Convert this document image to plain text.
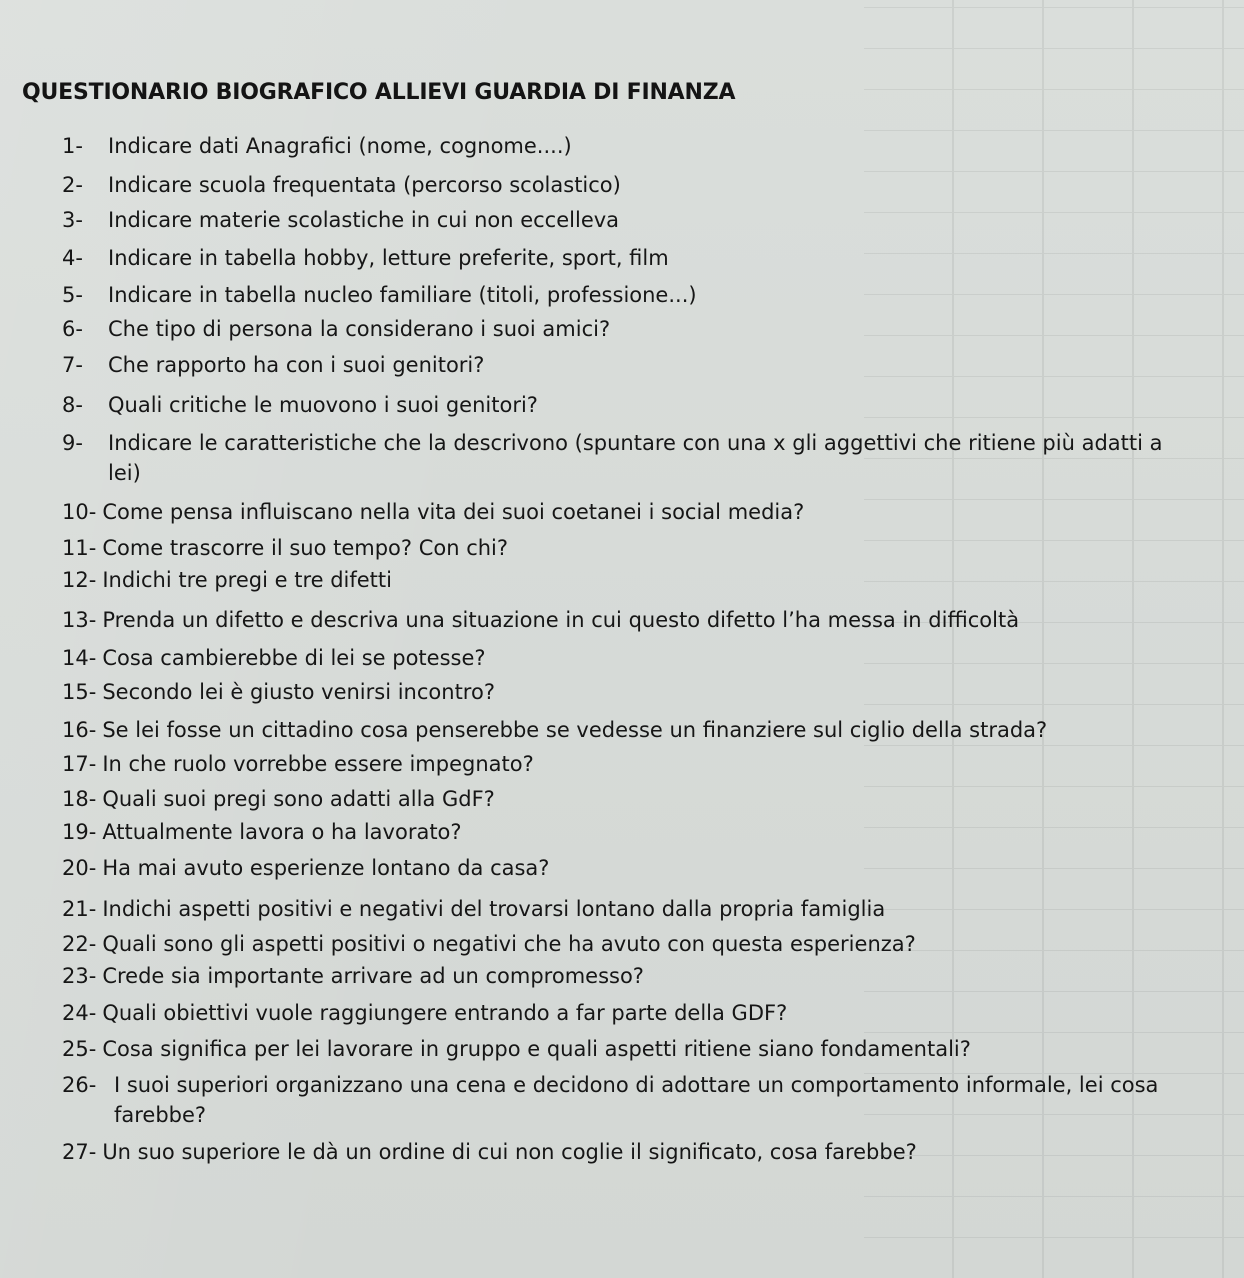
QUESTIONARIO BIOGRAFICO ALLIEVI GUARDIA DI FINANZA
1-	Indicare dati Anagrafici (nome, cognome....)
2-	Indicare scuola frequentata (percorso scolastico)
3-	Indicare materie scolastiche in cui non eccelleva
4-	Indicare in tabella hobby, letture preferite, sport, film
5-	Indicare in tabella nucleo familiare (titoli, professione...)
6-	Che tipo di persona la considerano i suoi amici?
7-	Che rapporto ha con i suoi genitori?
8-	Quali critiche le muovono i suoi genitori?
9-	Indicare le caratteristiche che la descrivono (spuntare con una x gli aggettivi che ritiene più adatti a lei)
10- Come pensa influiscano nella vita dei suoi coetanei i social media?
11- Come trascorre il suo tempo? Con chi?
12- Indichi tre pregi e tre difetti
13- Prenda un difetto e descriva una situazione in cui questo difetto l’ha messa in difficoltà
14- Cosa cambierebbe di lei se potesse?
15- Secondo lei è giusto venirsi incontro?
16- Se lei fosse un cittadino cosa penserebbe se vedesse un finanziere sul ciglio della strada?
17- In che ruolo vorrebbe essere impegnato?
18- Quali suoi pregi sono adatti alla GdF?
19- Attualmente lavora o ha lavorato?
20- Ha mai avuto esperienze lontano da casa?
21- Indichi aspetti positivi e negativi del trovarsi lontano dalla propria famiglia
22- Quali sono gli aspetti positivi o negativi che ha avuto con questa esperienza?
23- Crede sia importante arrivare ad un compromesso?
24- Quali obiettivi vuole raggiungere entrando a far parte della GDF?
25- Cosa significa per lei lavorare in gruppo e quali aspetti ritiene siano fondamentali?
26- I suoi superiori organizzano una cena e decidono di adottare un comportamento informale, lei cosa farebbe?
27- Un suo superiore le dà un ordine di cui non coglie il significato, cosa farebbe?
